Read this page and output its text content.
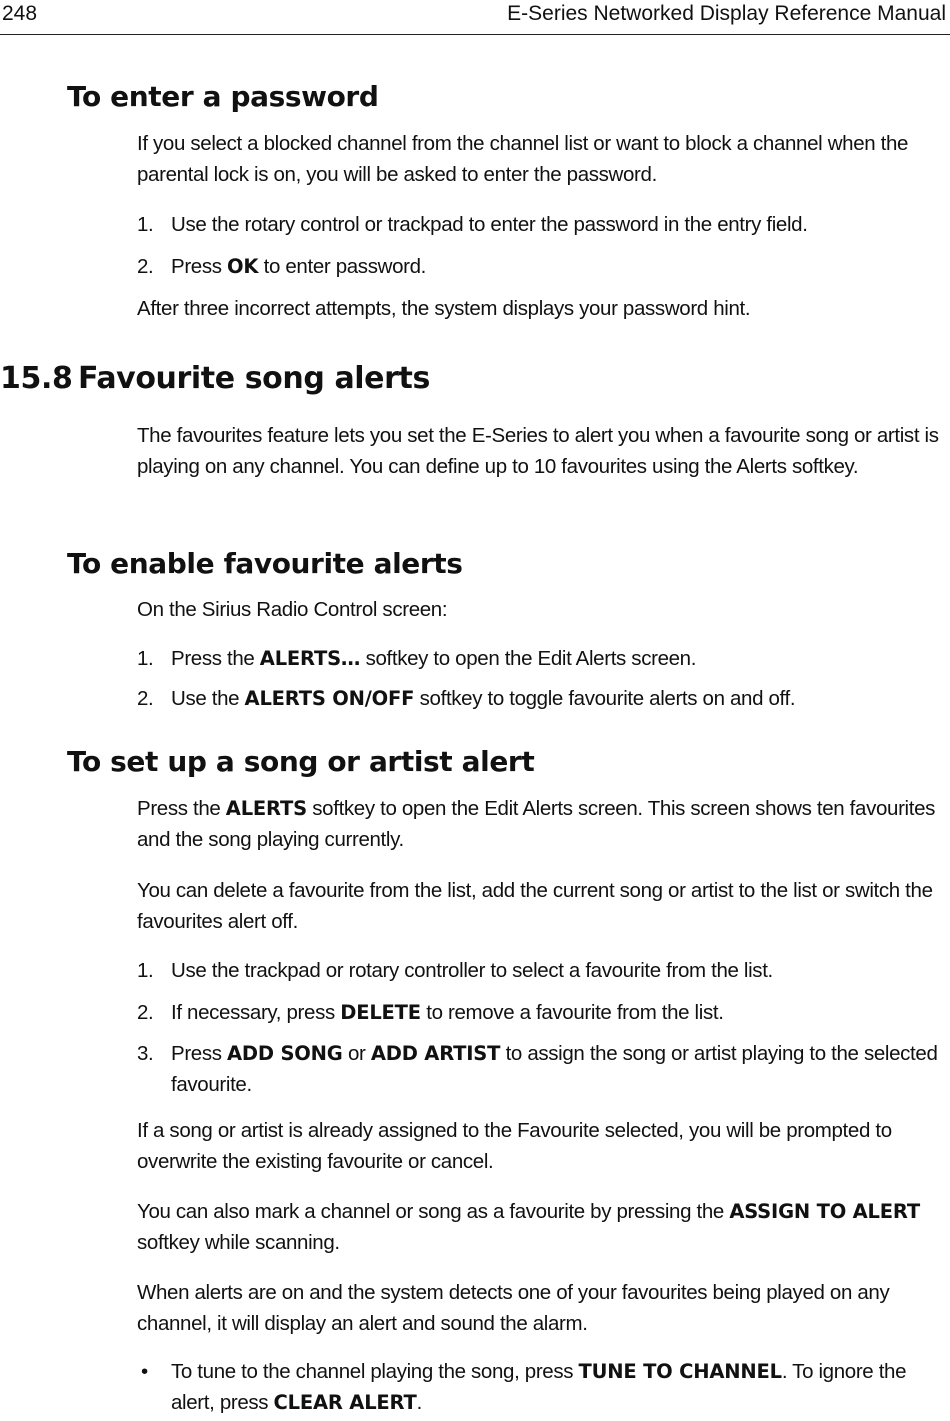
248	E-Series Networked Display Reference Manual
To enter a password

If you select a blocked channel from the channel list or want to block a channel when the parental lock is on, you will be asked to enter the password.

1. Use the rotary control or trackpad to enter the password in the entry field.

2. Press OK to enter password.

After three incorrect attempts, the system displays your password hint.

15.8 Favourite song alerts

The favourites feature lets you set the E-Series to alert you when a favourite song or artist is playing on any channel. You can define up to 10 favourites using the Alerts softkey.

To enable favourite alerts

On the Sirius Radio Control screen:

1. Press the ALERTS… softkey to open the Edit Alerts screen.

2. Use the ALERTS ON/OFF softkey to toggle favourite alerts on and off.

To set up a song or artist alert

Press the ALERTS softkey to open the Edit Alerts screen. This screen shows ten favourites and the song playing currently.

You can delete a favourite from the list, add the current song or artist to the list or switch the favourites alert off.

1. Use the trackpad or rotary controller to select a favourite from the list.

2. If necessary, press DELETE to remove a favourite from the list.

3. Press ADD SONG or ADD ARTIST to assign the song or artist playing to the selected favourite.

If a song or artist is already assigned to the Favourite selected, you will be prompted to overwrite the existing favourite or cancel.

You can also mark a channel or song as a favourite by pressing the ASSIGN TO ALERT softkey while scanning.

When alerts are on and the system detects one of your favourites being played on any channel, it will display an alert and sound the alarm.

• To tune to the channel playing the song, press TUNE TO CHANNEL. To ignore the alert, press CLEAR ALERT.
